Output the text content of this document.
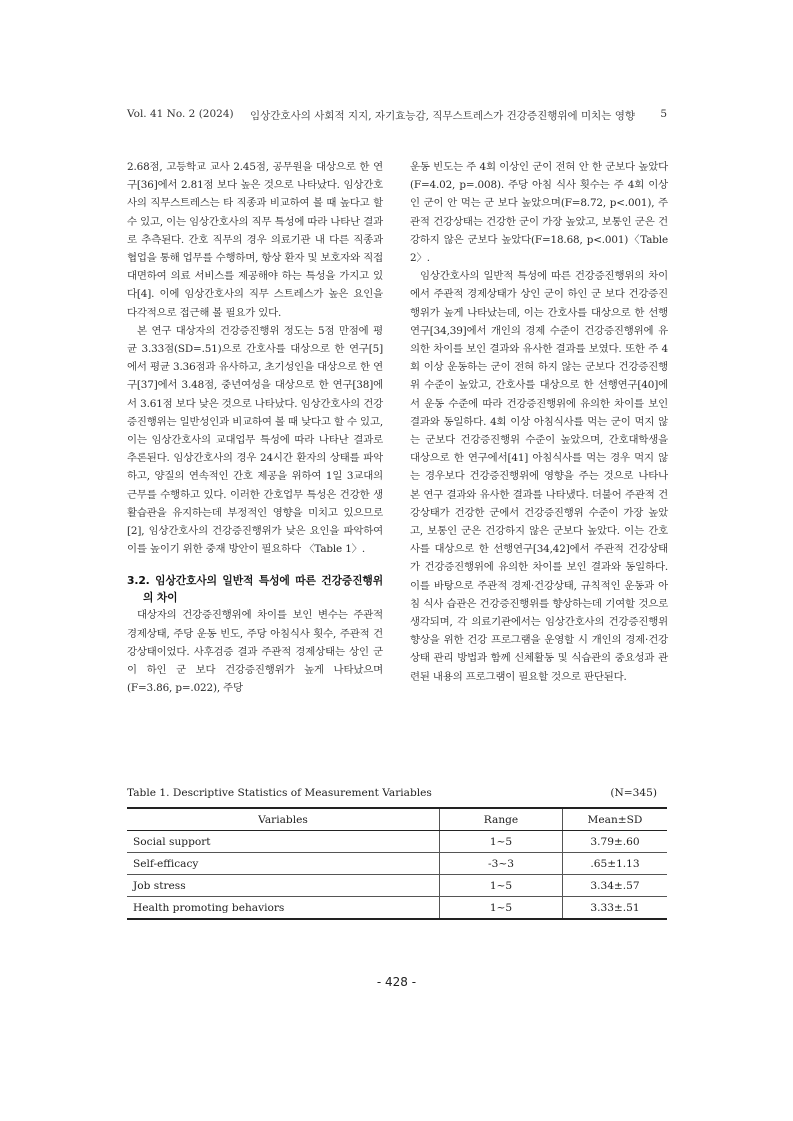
Vol. 41 No. 2 (2024) 임상간호사의 사회적 지지, 자기효능감, 직무스트레스가 건강증진행위에 미치는 영향 5

2.68점, 고등학교 교사 2.45점, 공무원을 대상으로 한 연구[36]에서 2.81점 보다 높은 것으로 나타났다. 임상간호사의 직무스트레스는 타 직종과 비교하여 볼 때 높다고 할 수 있고, 이는 임상간호사의 직무 특성에 따라 나타난 결과로 추측된다. 간호 직무의 경우 의료기관 내 다른 직종과 협업을 통해 업무를 수행하며, 항상 환자 및 보호자와 직접 대면하여 의료 서비스를 제공해야 하는 특성을 가지고 있다[4]. 이에 임상간호사의 직무 스트레스가 높은 요인을 다각적으로 접근해 볼 필요가 있다.

본 연구 대상자의 건강증진행위 정도는 5점 만점에 평균 3.33점(SD=.51)으로 간호사를 대상으로 한 연구[5]에서 평균 3.36점과 유사하고, 초기성인을 대상으로 한 연구[37]에서 3.48점, 중년여성을 대상으로 한 연구[38]에서 3.61점 보다 낮은 것으로 나타났다. 임상간호사의 건강증진행위는 일반성인과 비교하여 볼 때 낮다고 할 수 있고, 이는 임상간호사의 교대업무 특성에 따라 나타난 결과로 추론된다. 임상간호사의 경우 24시간 환자의 상태를 파악하고, 양질의 연속적인 간호 제공을 위하여 1일 3교대의 근무를 수행하고 있다. 이러한 간호업무 특성은 건강한 생활습관을 유지하는데 부정적인 영향을 미치고 있으므로[2], 임상간호사의 건강증진행위가 낮은 요인을 파악하여 이를 높이기 위한 중재 방안이 필요하다 〈Table 1〉.

3.2. 임상간호사의 일반적 특성에 따른 건강증진행위의 차이

대상자의 건강증진행위에 차이를 보인 변수는 주관적 경제상태, 주당 운동 빈도, 주당 아침식사 횟수, 주관적 건강상태이었다. 사후검증 결과 주관적 경제상태는 상인 군이 하인 군 보다 건강증진행위가 높게 나타났으며(F=3.86, p=.022), 주당

운동 빈도는 주 4회 이상인 군이 전혀 안 한 군보다 높았다(F=4.02, p=.008). 주당 아침 식사 횟수는 주 4회 이상인 군이 안 먹는 군 보다 높았으며(F=8.72, p<.001), 주관적 건강상태는 건강한 군이 가장 높았고, 보통인 군은 건강하지 않은 군보다 높았다(F=18.68, p<.001)〈Table 2〉.

임상간호사의 일반적 특성에 따른 건강증진행위의 차이에서 주관적 경제상태가 상인 군이 하인 군 보다 건강증진행위가 높게 나타났는데, 이는 간호사를 대상으로 한 선행연구[34,39]에서 개인의 경제 수준이 건강증진행위에 유의한 차이를 보인 결과와 유사한 결과를 보였다. 또한 주 4회 이상 운동하는 군이 전혀 하지 않는 군보다 건강증진행위 수준이 높았고, 간호사를 대상으로 한 선행연구[40]에서 운동 수준에 따라 건강증진행위에 유의한 차이를 보인 결과와 동일하다. 4회 이상 아침식사를 먹는 군이 먹지 않는 군보다 건강증진행위 수준이 높았으며, 간호대학생을 대상으로 한 연구에서[41] 아침식사를 먹는 경우 먹지 않는 경우보다 건강증진행위에 영향을 주는 것으로 나타나 본 연구 결과와 유사한 결과를 나타냈다. 더불어 주관적 건강상태가 건강한 군에서 건강증진행위 수준이 가장 높았고, 보통인 군은 건강하지 않은 군보다 높았다. 이는 간호사를 대상으로 한 선행연구[34,42]에서 주관적 건강상태가 건강증진행위에 유의한 차이를 보인 결과와 동일하다. 이를 바탕으로 주관적 경제·건강상태, 규칙적인 운동과 아침 식사 습관은 건강증진행위를 향상하는데 기여할 것으로 생각되며, 각 의료기관에서는 임상간호사의 건강증진행위 향상을 위한 건강 프로그램을 운영할 시 개인의 경제·건강상태 관리 방법과 함께 신체활동 및 식습관의 중요성과 관련된 내용의 프로그램이 필요할 것으로 판단된다.

Table 1. Descriptive Statistics of Measurement Variables	(N=345)
Variables	Range	Mean±SD
Social support	1~5	3.79±.60
Self-efficacy	-3~3	.65±1.13
Job stress	1~5	3.34±.57
Health promoting behaviors	1~5	3.33±.51
- 428 -
